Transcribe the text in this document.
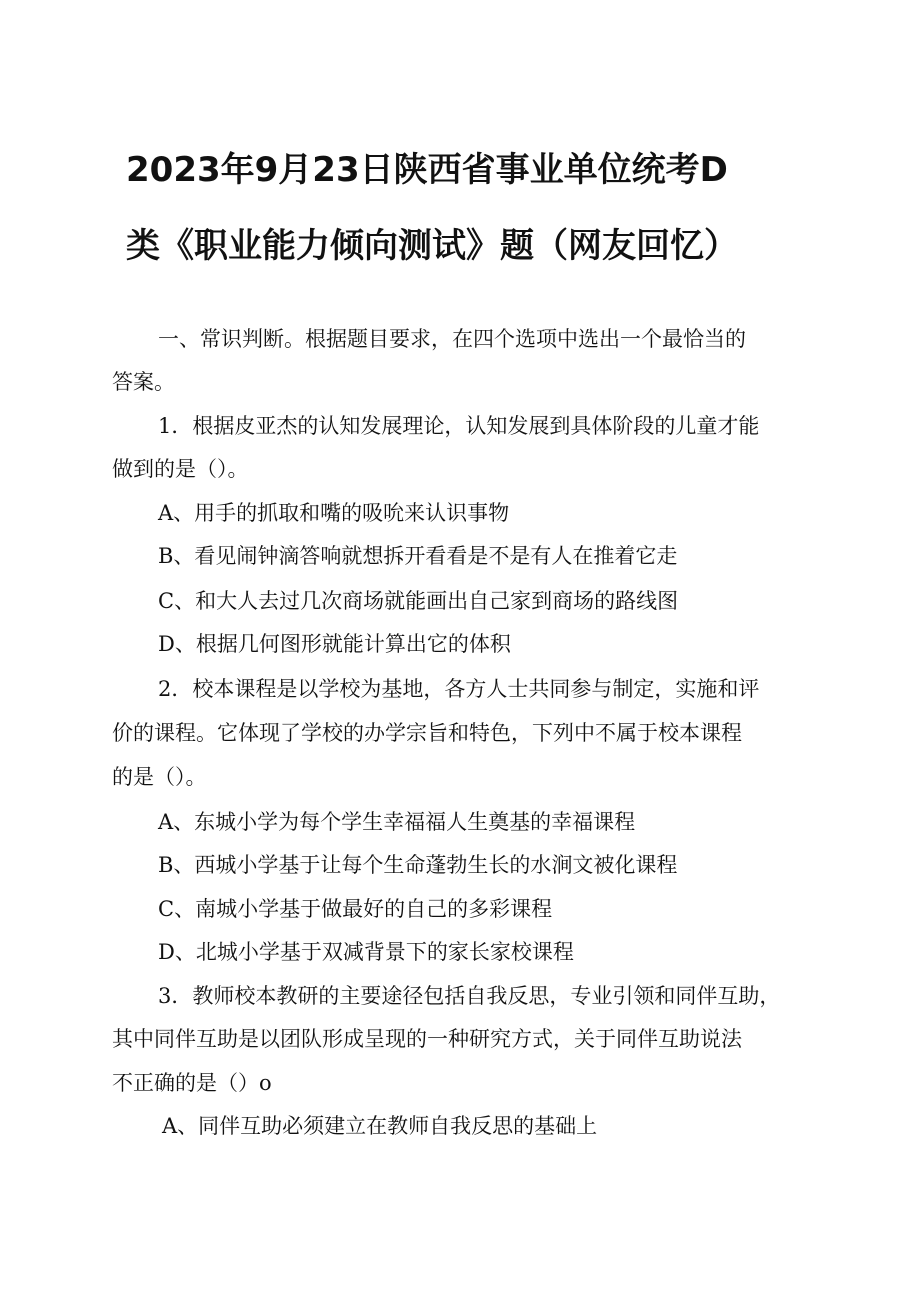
2023年9月23日陕西省事业单位统考D
类《职业能力倾向测试》题（网友回忆）

一、常识判断。根据题目要求，在四个选项中选出一个最恰当的

答案。

1．根据皮亚杰的认知发展理论，认知发展到具体阶段的儿童才能

做到的是（）。

A、用手的抓取和嘴的吸吮来认识事物

B、看见闹钟滴答响就想拆开看看是不是有人在推着它走

C、和大人去过几次商场就能画出自己家到商场的路线图

D、根据几何图形就能计算出它的体积

2．校本课程是以学校为基地，各方人士共同参与制定，实施和评

价的课程。它体现了学校的办学宗旨和特色，下列中不属于校本课程

的是（）。

A、东城小学为每个学生幸福福人生奠基的幸福课程

B、西城小学基于让每个生命蓬勃生长的水涧文被化课程

C、南城小学基于做最好的自己的多彩课程

D、北城小学基于双减背景下的家长家校课程

3．教师校本教研的主要途径包括自我反思，专业引领和同伴互助，

其中同伴互助是以团队形成呈现的一种研究方式，关于同伴互助说法

不正确的是（）o

A、同伴互助必须建立在教师自我反思的基础上
